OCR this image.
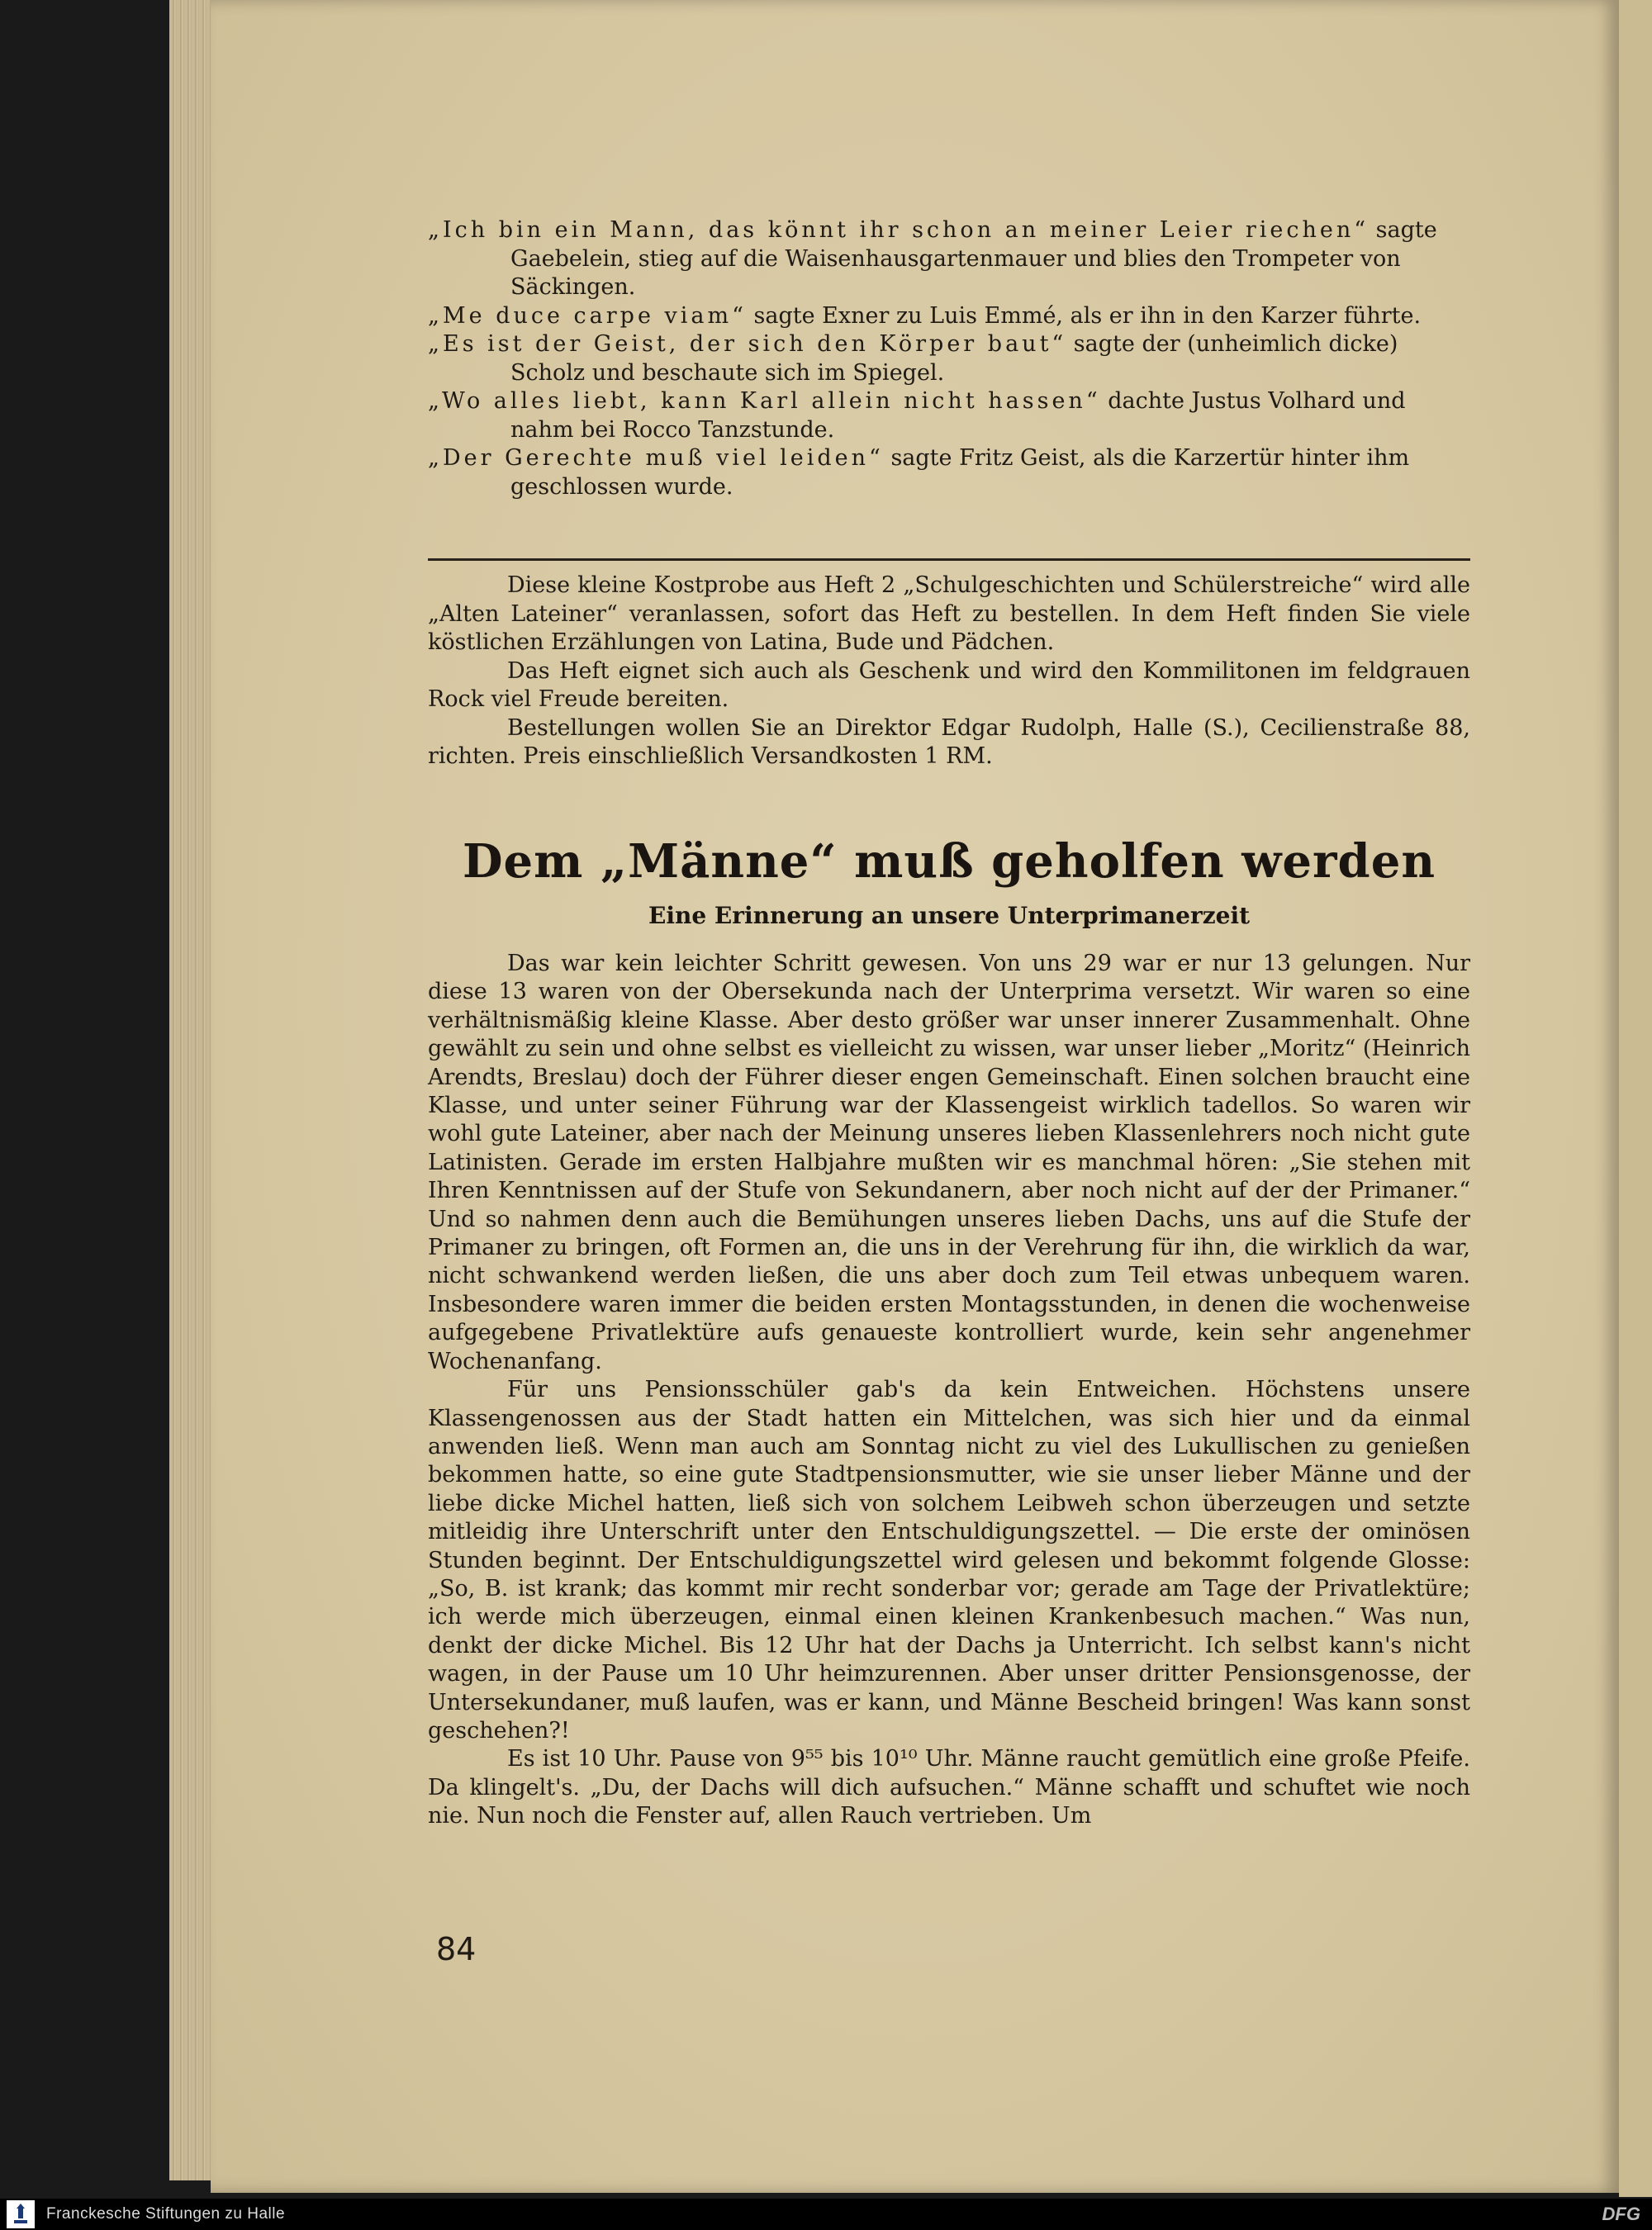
„Ich bin ein Mann, das könnt ihr schon an meiner Leier riechen“ sagte Gaebelein, stieg auf die Waisenhausgartenmauer und blies den Trompeter von Säckingen.

„Me duce carpe viam“ sagte Exner zu Luis Emmé, als er ihn in den Karzer führte.

„Es ist der Geist, der sich den Körper baut“ sagte der (unheimlich dicke) Scholz und beschaute sich im Spiegel.

„Wo alles liebt, kann Karl allein nicht hassen“ dachte Justus Volhard und nahm bei Rocco Tanzstunde.

„Der Gerechte muß viel leiden“ sagte Fritz Geist, als die Karzertür hinter ihm geschlossen wurde.

Diese kleine Kostprobe aus Heft 2 „Schulgeschichten und Schülerstreiche“ wird alle „Alten Lateiner“ veranlassen, sofort das Heft zu bestellen. In dem Heft finden Sie viele köstlichen Erzählungen von Latina, Bude und Pädchen.

Das Heft eignet sich auch als Geschenk und wird den Kommilitonen im feldgrauen Rock viel Freude bereiten.

Bestellungen wollen Sie an Direktor Edgar Rudolph, Halle (S.), Cecilienstraße 88, richten. Preis einschließlich Versandkosten 1 RM.

Dem „Männe“ muß geholfen werden
Eine Erinnerung an unsere Unterprimanerzeit

Das war kein leichter Schritt gewesen. Von uns 29 war er nur 13 gelungen. Nur diese 13 waren von der Obersekunda nach der Unterprima versetzt. Wir waren so eine verhältnismäßig kleine Klasse. Aber desto größer war unser innerer Zusammenhalt. Ohne gewählt zu sein und ohne selbst es vielleicht zu wissen, war unser lieber „Moritz“ (Heinrich Arendts, Breslau) doch der Führer dieser engen Gemeinschaft. Einen solchen braucht eine Klasse, und unter seiner Führung war der Klassengeist wirklich tadellos. So waren wir wohl gute Lateiner, aber nach der Meinung unseres lieben Klassenlehrers noch nicht gute Latinisten. Gerade im ersten Halbjahre mußten wir es manchmal hören: „Sie stehen mit Ihren Kenntnissen auf der Stufe von Sekundanern, aber noch nicht auf der der Primaner.“ Und so nahmen denn auch die Bemühungen unseres lieben Dachs, uns auf die Stufe der Primaner zu bringen, oft Formen an, die uns in der Verehrung für ihn, die wirklich da war, nicht schwankend werden ließen, die uns aber doch zum Teil etwas unbequem waren. Insbesondere waren immer die beiden ersten Montagsstunden, in denen die wochenweise aufgegebene Privatlektüre aufs genaueste kontrolliert wurde, kein sehr angenehmer Wochenanfang.

Für uns Pensionsschüler gab's da kein Entweichen. Höchstens unsere Klassengenossen aus der Stadt hatten ein Mittelchen, was sich hier und da einmal anwenden ließ. Wenn man auch am Sonntag nicht zu viel des Lukullischen zu genießen bekommen hatte, so eine gute Stadtpensionsmutter, wie sie unser lieber Männe und der liebe dicke Michel hatten, ließ sich von solchem Leibweh schon überzeugen und setzte mitleidig ihre Unterschrift unter den Entschuldigungszettel. — Die erste der ominösen Stunden beginnt. Der Entschuldigungszettel wird gelesen und bekommt folgende Glosse: „So, B. ist krank; das kommt mir recht sonderbar vor; gerade am Tage der Privatlektüre; ich werde mich überzeugen, einmal einen kleinen Krankenbesuch machen.“ Was nun, denkt der dicke Michel. Bis 12 Uhr hat der Dachs ja Unterricht. Ich selbst kann's nicht wagen, in der Pause um 10 Uhr heimzurennen. Aber unser dritter Pensionsgenosse, der Untersekundaner, muß laufen, was er kann, und Männe Bescheid bringen! Was kann sonst geschehen?!

Es ist 10 Uhr. Pause von 9⁵⁵ bis 10¹⁰ Uhr. Männe raucht gemütlich eine große Pfeife. Da klingelt's. „Du, der Dachs will dich aufsuchen.“ Männe schafft und schuftet wie noch nie. Nun noch die Fenster auf, allen Rauch vertrieben. Um

84
Franckesche Stiftungen zu Halle	DFG
